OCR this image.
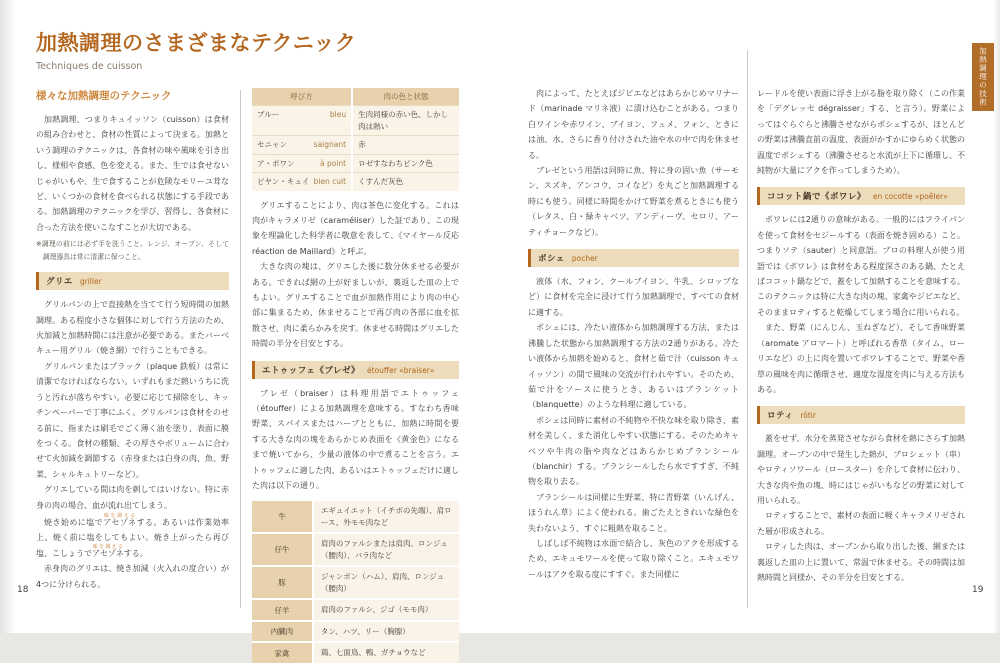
加熱調理のさまざまなテクニック
Techniques de cuisson	加熱調理の技術
様々な加熱調理のテクニック

加熱調理、つまりキュイッソン（cuisson）は食材の組み合わせと、食材の性質によって決まる。加熱という調理のテクニックは、各食材の味や風味を引き出し、様相や食感、色を変える。また、生では食せないじゃがいもや、生で食することが危険なモリーユ茸など、いくつかの食材を食べられる状態にする手段である。加熱調理のテクニックを学び、習得し、各食材に合った方法を使いこなすことが大切である。

※調理の前には必ず手を洗うこと。レンジ、オーブン、そして調理器具は常に清潔に保つこと。

グリエ griller

グリルパンの上で直接熱を当てて行う短時間の加熱調理。ある程度小さな個体に対して行う方法のため、火加減と加熱時間には注意が必要である。またバーベキュー用グリル（焼き網）で行うこともできる。

グリルパンまたはプラック（plaque 鉄板）は常に清潔でなければならない。いずれもまだ熱いうちに洗うと汚れが落ちやすい。必要に応じて掃除をし、キッチンペーパーで丁寧にふく。グリルパンは食材をのせる前に、指または刷毛でごく薄く油を塗り、表面に膜をつくる。食材の種類、その厚さやボリュームに合わせて火加減を調節する（赤身または白身の肉、魚、野菜、シャルキュトリーなど）。

グリエしている間は肉を刺してはいけない。特に赤身の肉の場合、血が流れ出てしまう。

焼き始めに塩でアセゾネ味を調えるする。あるいは作業効率上、焼く前に塩をしてもよい。焼き上がったら再び塩、こしょうでアセゾネ味を調えるする。

赤身肉のグリエは、焼き加減（火入れの度合い）が4つに分けられる。

呼び方	肉の色と状態

ブルー bleu	生肉同様の赤い色、しかし肉は熱い

セニャン saignant	赤

ア・ポワン à point	ロゼすなわちピンク色

ビヤン・キュイ bien cuit	くすんだ灰色

グリエすることにより、肉は茶色に変化する。これは肉がキャラメリゼ（caraméliser）した証であり、この現象を理論化した科学者に敬意を表して、《マイヤール反応 réaction de Maillard》と呼ぶ。

大きな肉の塊は、グリエした後に数分休ませる必要がある。できれば網の上が好ましいが、裏返した皿の上でもよい。グリエすることで血が加熱作用により肉の中心部に集まるため、休ませることで再び肉の各部に血を拡散させ、肉に柔らかみを戻す。休ませる時間はグリエした時間の半分を目安とする。

エトゥッフェ《ブレゼ》 étouffer «braiser»

ブレゼ（braiser）は料理用語でエトゥッフェ（étouffer）による加熱調理を意味する。すなわち香味野菜、スパイスまたはハーブとともに、加熱に時間を要する大きな肉の塊をあらかじめ表面を《黄金色》になるまで焼いてから、少量の液体の中で煮ることを言う。エトゥッフェに適した肉、あるいはエトゥッフェだけに適した肉は以下の通り。

牛	エギュイエット（イチボの先端）、肩ロース、外モモ肉など
仔牛	肩肉のファルシまたは肩肉、ロンジュ（腰肉）、バラ肉など
豚	ジャンボン（ハム）、肩肉、ロンジュ（腰肉）
仔羊	肩肉のファルシ、ジゴ（モモ肉）
内臓肉	タン、ハツ、リー（胸腺）
家禽	鶏、七面鳥、鴨、ガチョウなど

肉によって、たとえばジビエなどはあらかじめマリナード（marinade マリネ液）に漬け込むことがある。つまり白ワインや赤ワイン、ブイヨン、フュメ、フォン、ときには油、水、さらに香り付けされた油や水の中で肉を休ませる。

ブレゼという用語は同時に魚、特に身の固い魚（サーモン、スズキ、アンコウ、コイなど）を丸ごと加熱調理する時にも使う。同様に時間をかけて野菜を煮るときにも使う（レタス、白・緑キャベツ、アンディーヴ、セロリ、アーティチョークなど）。

ポシェ pocher

液体（水、フォン、クールブイヨン、牛乳、シロップなど）に食材を完全に浸けて行う加熱調理で、すべての食材に適する。

ポシェには、冷たい液体から加熱調理する方法、または沸騰した状態から加熱調理する方法の2通りがある。冷たい液体から加熱を始めると、食材と茹で汁（cuisson キュイッソン）の間で風味の交流が行われやすい。そのため、茹で汁をソースに使うとき、あるいはブランケット（blanquette）のような料理に適している。

ポシェは同時に素材の不純物や不快な味を取り除き、素材を美しく、また消化しやすい状態にする。そのためキャベツや牛肉の脂や肉などはあらかじめブランシール（blanchir）する。ブランシールしたら水ですすぎ、不純物を取り去る。

ブランシールは同様に生野菜、特に青野菜（いんげん、ほうれん草）によく使われる。歯ごたえときれいな緑色を失わないよう、すぐに粗熱を取ること。

しばしば不純物は水面で結合し、灰色のアクを形成するため、エキュモワールを使って取り除くこと。エキュモワールはアクを取る度にすすぐ。また同様に

レードルを使い表面に浮き上がる脂を取り除く（この作業を「デグレッセ dégraisser」する、と言う）。野菜によってはぐらぐらと沸騰させながらポシェするが、ほとんどの野菜は沸騰直前の温度、表面がかすかにゆらめく状態の温度でポシェする（沸騰させると水流が上下に循環し、不純物が大量にアクを作ってしまうため）。

ココット鍋で《ポワレ》 en cocotte «poêler»

ポワレには2通りの意味がある。一般的にはフライパンを使って食材をセジールする（表面を焼き固める）こと。つまりソテ（sauter）と同意語。プロの料理人が使う用語では《ポワレ》は食材をある程度深さのある鍋、たとえばココット鍋などで、蓋をして加熱することを意味する。このテクニックは特に大きな肉の塊、家禽やジビエなど、そのままロティすると乾燥してしまう場合に用いられる。

また、野菜（にんじん、玉ねぎなど）、そして香味野菜（aromate アロマート）と呼ばれる香草（タイム、ローリエなど）の上に肉を置いてポワレすることで、野菜や香草の風味を肉に循環させ、適度な湿度を肉に与える方法もある。

ロティ rôtir

蓋をせず、水分を蒸発させながら食材を熱にさらす加熱調理。オーブンの中で発生した熱が、ブロシェット（串）やロティソワール（ロースター）を介して食材に伝わり、大きな肉や魚の塊、時にはじゃがいもなどの野菜に対して用いられる。

ロティすることで、素材の表面に軽くキャラメリゼされた層が形成される。

ロティした肉は、オーブンから取り出した後、網または裏返した皿の上に置いて、常温で休ませる。その時間は加熱時間と同様か、その半分を目安とする。

18	19
